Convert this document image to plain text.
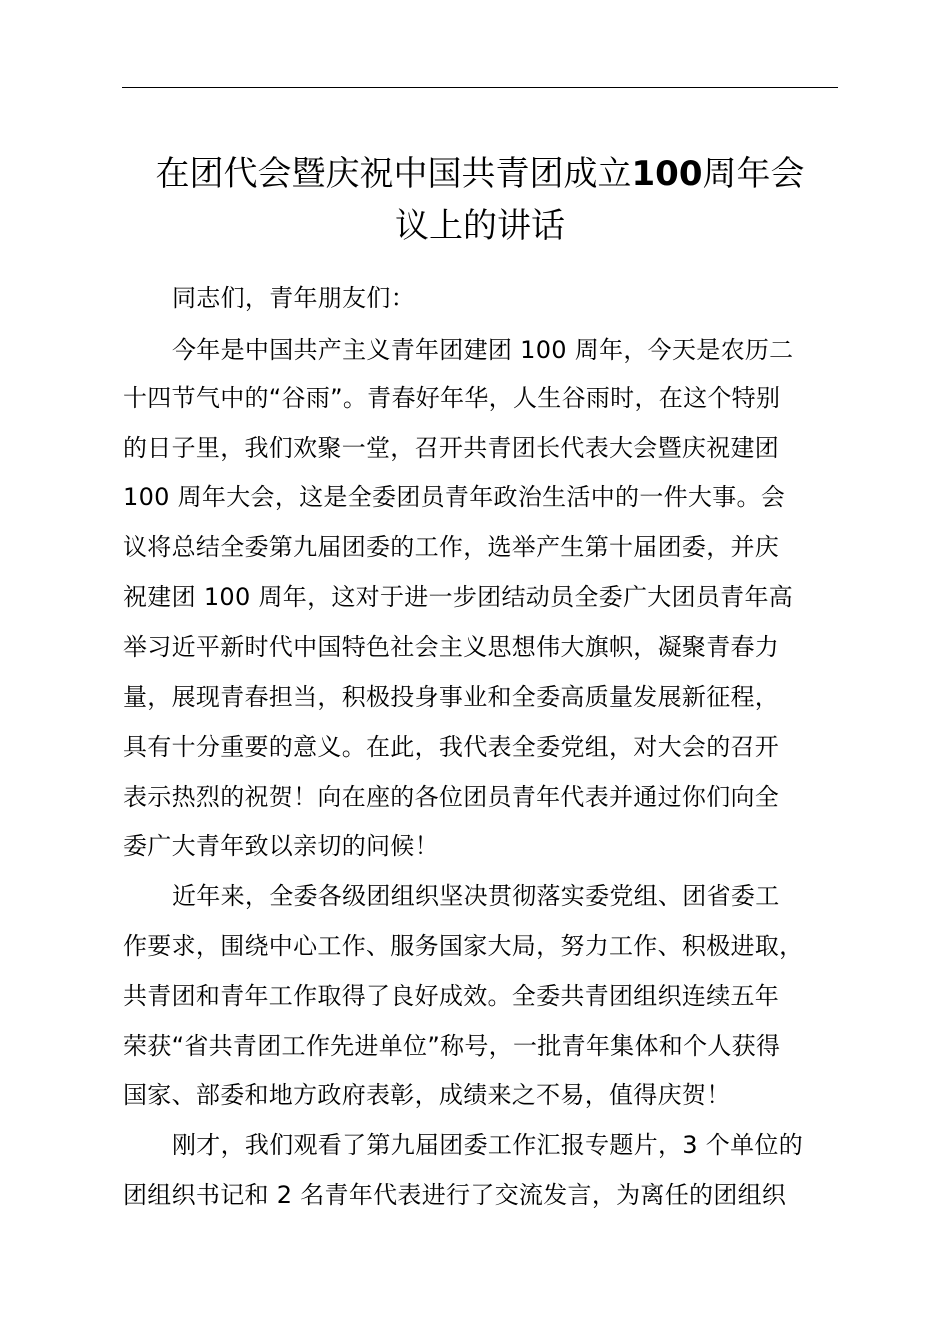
在团代会暨庆祝中国共青团成立100周年会
议上的讲话
同志们，青年朋友们：
今年是中国共产主义青年团建团 100 周年，今天是农历二
十四节气中的“谷雨”。青春好年华，人生谷雨时，在这个特别
的日子里，我们欢聚一堂，召开共青团长代表大会暨庆祝建团
100 周年大会，这是全委团员青年政治生活中的一件大事。会
议将总结全委第九届团委的工作，选举产生第十届团委，并庆
祝建团 100 周年，这对于进一步团结动员全委广大团员青年高
举习近平新时代中国特色社会主义思想伟大旗帜，凝聚青春力
量，展现青春担当，积极投身事业和全委高质量发展新征程，
具有十分重要的意义。在此，我代表全委党组，对大会的召开
表示热烈的祝贺！向在座的各位团员青年代表并通过你们向全
委广大青年致以亲切的问候！
近年来，全委各级团组织坚决贯彻落实委党组、团省委工
作要求，围绕中心工作、服务国家大局，努力工作、积极进取，
共青团和青年工作取得了良好成效。全委共青团组织连续五年
荣获“省共青团工作先进单位”称号，一批青年集体和个人获得
国家、部委和地方政府表彰，成绩来之不易，值得庆贺！
刚才，我们观看了第九届团委工作汇报专题片，3 个单位的
团组织书记和 2 名青年代表进行了交流发言，为离任的团组织
